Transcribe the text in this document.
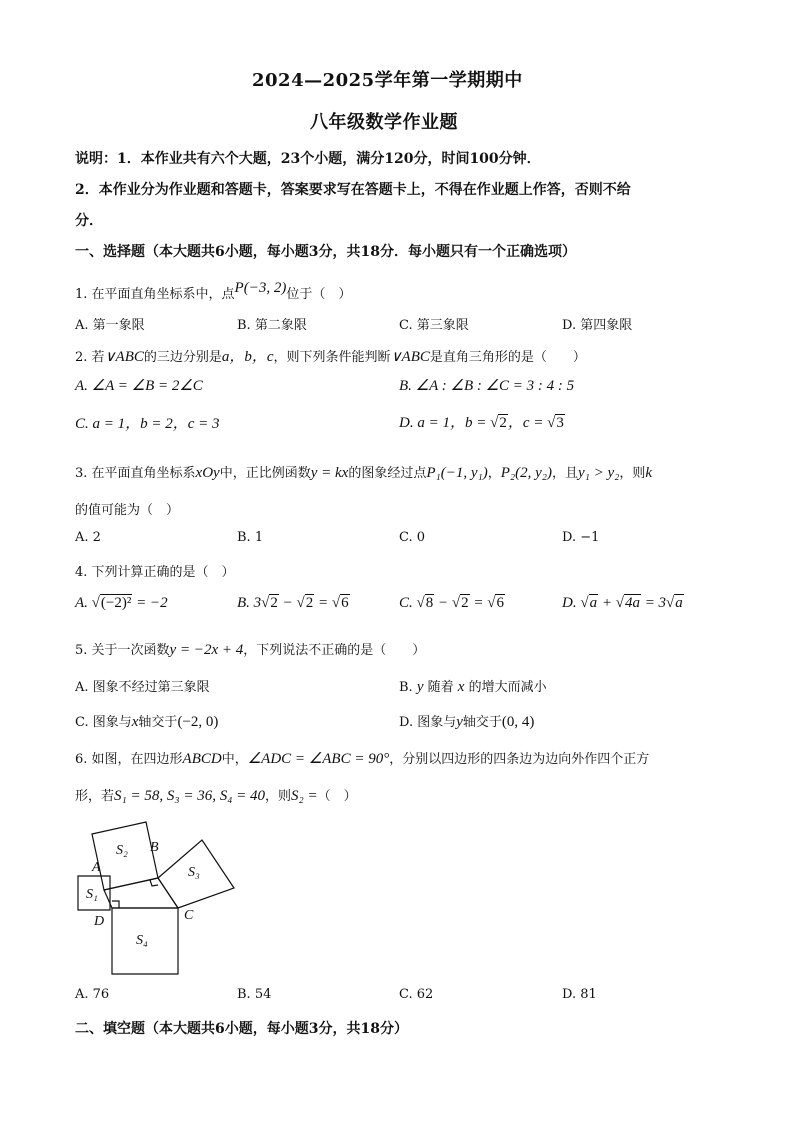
2024—2025学年第一学期期中
八年级数学作业题
说明：1．本作业共有六个大题，23个小题，满分120分，时间100分钟．
2．本作业分为作业题和答题卡，答案要求写在答题卡上，不得在作业题上作答，否则不给
分．
一、选择题（本大题共6小题，每小题3分，共18分．每小题只有一个正确选项）
1. 在平面直角坐标系中，点P(−3, 2)位于（　）
A. 第一象限	B. 第二象限	C. 第三象限	D. 第四象限
2. 若∨ABC的三边分别是a，b，c，则下列条件能判断∨ABC是直角三角形的是（　　）
A. ∠A = ∠B = 2∠C	B. ∠A : ∠B : ∠C = 3 : 4 : 5
C. a = 1，b = 2，c = 3	D. a = 1，b = √2，c = √3
3. 在平面直角坐标系xOy中，正比例函数y = kx的图象经过点P₁(−1, y₁)，P₂(2, y₂)，且y₁ > y₂，则k
的值可能为（　）
A. 2	B. 1	C. 0	D. −1
4. 下列计算正确的是（　）
A. √(−2)² = −2	B. 3√2 − √2 = √6	C. √8 − √2 = √6	D. √a + √4a = 3√a
5. 关于一次函数y = −2x + 4，下列说法不正确的是（　　）
A. 图象不经过第三象限	B. y 随着 x 的增大而减小
C. 图象与x轴交于(−2, 0)	D. 图象与y轴交于(0, 4)
6. 如图，在四边形ABCD中，∠ADC = ∠ABC = 90°，分别以四边形的四条边为边向外作四个正方
形，若S₁ = 58, S₃ = 36, S₄ = 40，则S₂ =（　）
A
B
C
D
S₂
S₃
S₁
S₄
A. 76	B. 54	C. 62	D. 81
二、填空题（本大题共6小题，每小题3分，共18分）
